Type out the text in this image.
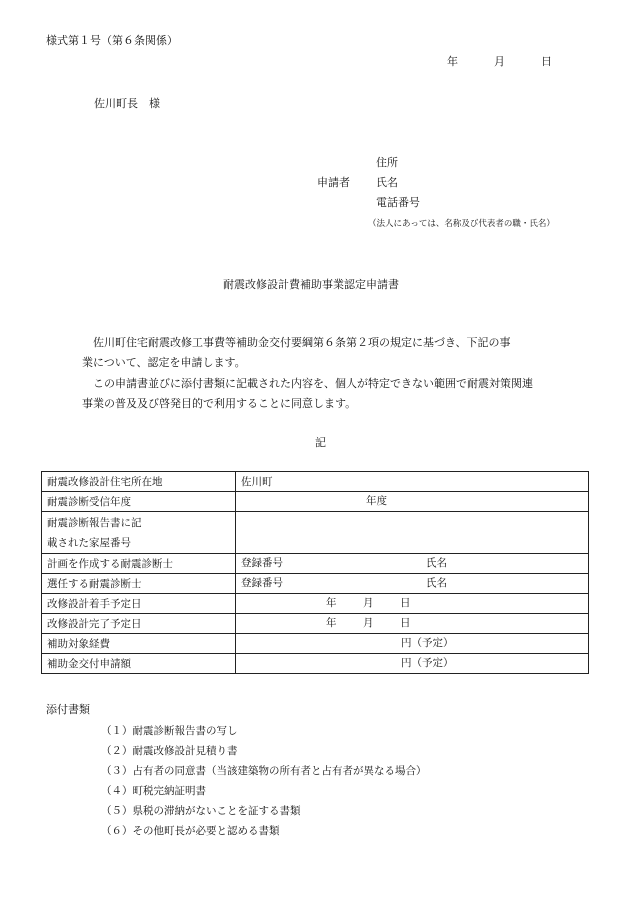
様式第１号（第６条関係）
年	月	日
佐川町長　様
住所
申請者 氏名
電話番号
（法人にあっては、名称及び代表者の職・氏名）
耐震改修設計費補助事業認定申請書
佐川町住宅耐震改修工事費等補助金交付要綱第６条第２項の規定に基づき、下記の事
業について、認定を申請します。
この申請書並びに添付書類に記載された内容を、個人が特定できない範囲で耐震対策関連
事業の普及及び啓発目的で利用することに同意します。
記
耐震改修設計住宅所在地	佐川町
耐震診断受信年度	年度

耐震診断報告書に記
載された家屋番号	

計画を作成する耐震診断士	登録番号 氏名

選任する耐震診断士	登録番号 氏名

改修設計着手予定日	年 月 日

改修設計完了予定日	年 月 日

補助対象経費	円（予定）

補助金交付申請額	円（予定）
添付書類
（１）耐震診断報告書の写し
（２）耐震改修設計見積り書
（３）占有者の同意書（当該建築物の所有者と占有者が異なる場合）
（４）町税完納証明書
（５）県税の滞納がないことを証する書類
（６）その他町長が必要と認める書類
